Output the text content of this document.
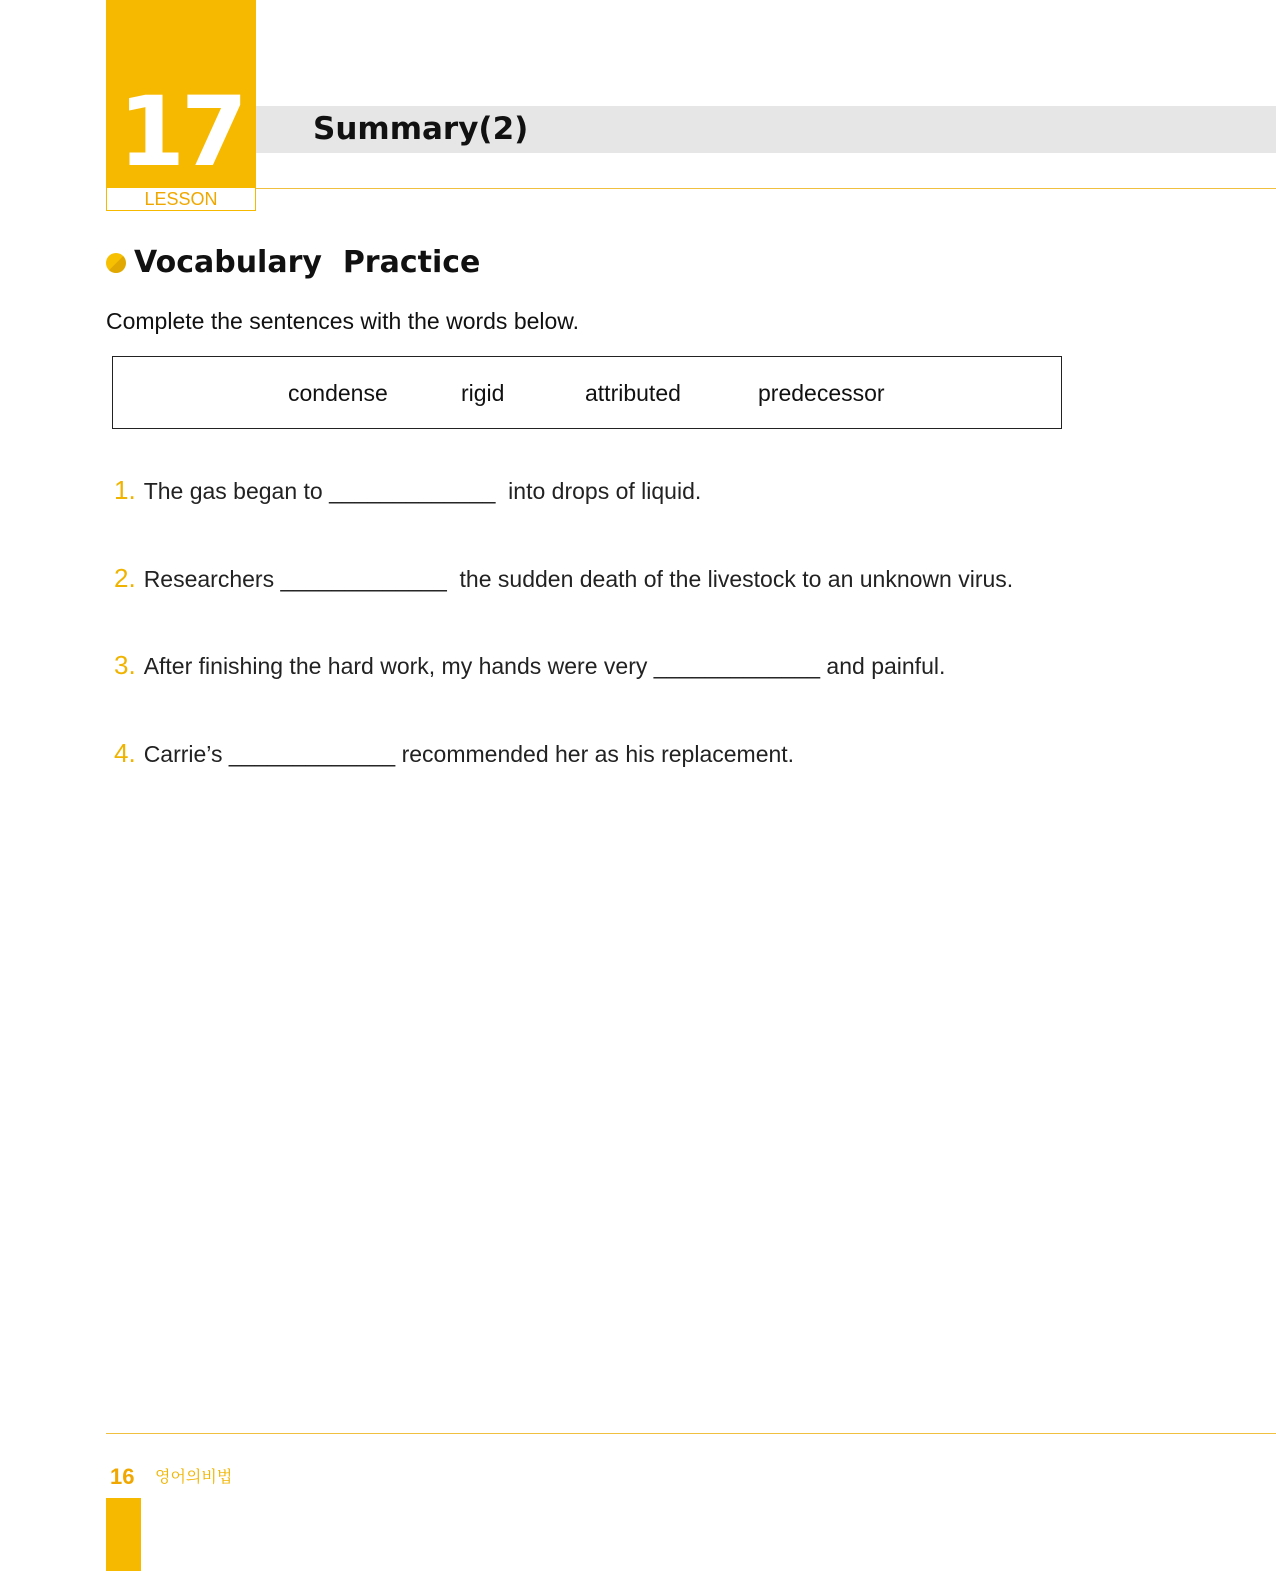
17
LESSON
Summary(2)
Vocabulary  Practice
Complete the sentences with the words below.
condense	rigid	attributed	predecessor
1. The gas began to _____________  into drops of liquid.
2. Researchers _____________  the sudden death of the livestock to an unknown virus.
3. After finishing the hard work, my hands were very _____________ and painful.
4. Carrie’s _____________ recommended her as his replacement.
16 영어의비법
